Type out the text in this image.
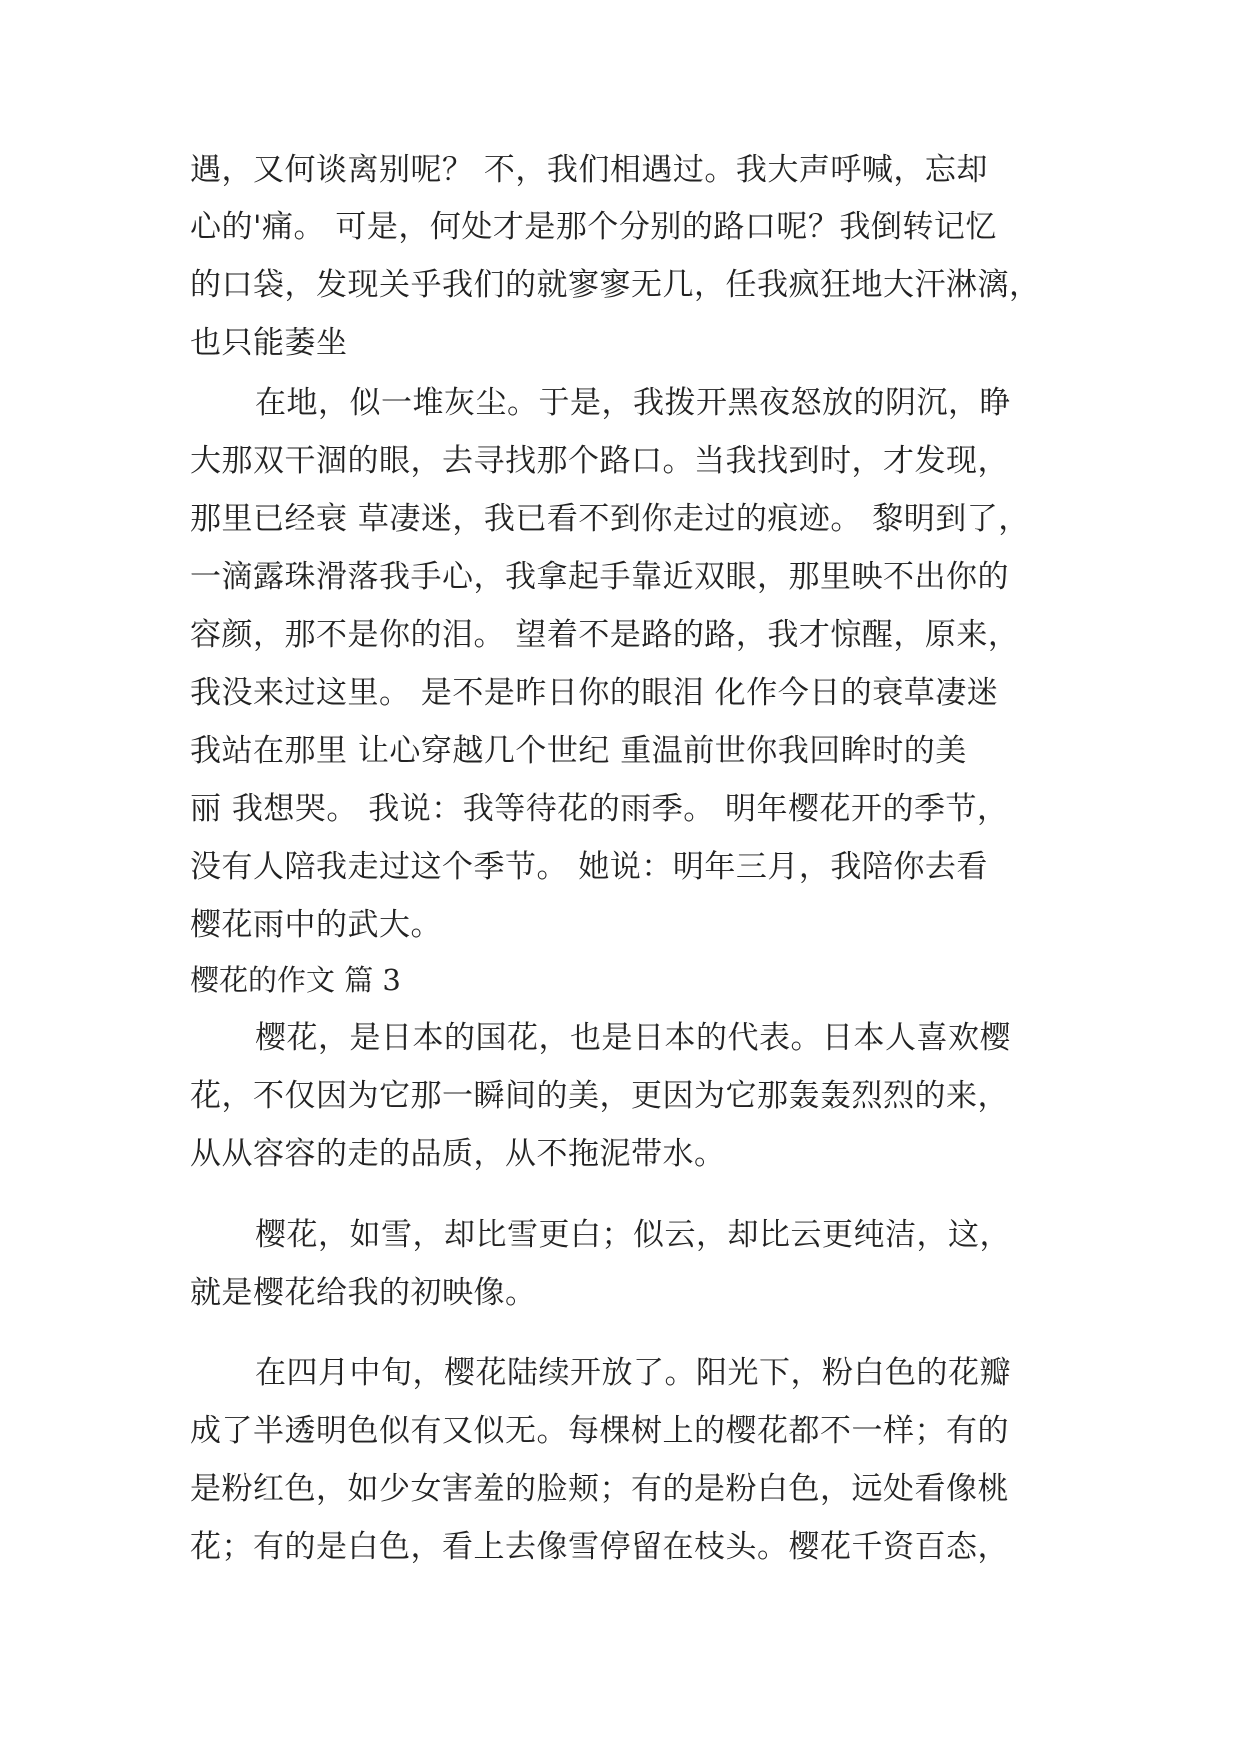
遇，又何谈离别呢？ 不，我们相遇过。我大声呼喊，忘却
心的'痛。 可是，何处才是那个分别的路口呢？我倒转记忆
的口袋，发现关乎我们的就寥寥无几，任我疯狂地大汗淋漓，
也只能萎坐
在地，似一堆灰尘。于是，我拨开黑夜怒放的阴沉，睁
大那双干涸的眼，去寻找那个路口。当我找到时，才发现，
那里已经衰 草凄迷，我已看不到你走过的痕迹。 黎明到了，
一滴露珠滑落我手心，我拿起手靠近双眼，那里映不出你的
容颜，那不是你的泪。 望着不是路的路，我才惊醒，原来，
我没来过这里。 是不是昨日你的眼泪 化作今日的衰草凄迷
我站在那里 让心穿越几个世纪 重温前世你我回眸时的美
丽 我想哭。 我说：我等待花的雨季。 明年樱花开的季节，
没有人陪我走过这个季节。 她说：明年三月，我陪你去看
樱花雨中的武大。
樱花的作文 篇 3
樱花，是日本的国花，也是日本的代表。日本人喜欢樱
花，不仅因为它那一瞬间的美，更因为它那轰轰烈烈的来，
从从容容的走的品质，从不拖泥带水。
樱花，如雪，却比雪更白；似云，却比云更纯洁，这，
就是樱花给我的初映像。
在四月中旬，樱花陆续开放了。阳光下，粉白色的花瓣
成了半透明色似有又似无。每棵树上的樱花都不一样；有的
是粉红色，如少女害羞的脸颊；有的是粉白色，远处看像桃
花；有的是白色，看上去像雪停留在枝头。樱花千资百态，
